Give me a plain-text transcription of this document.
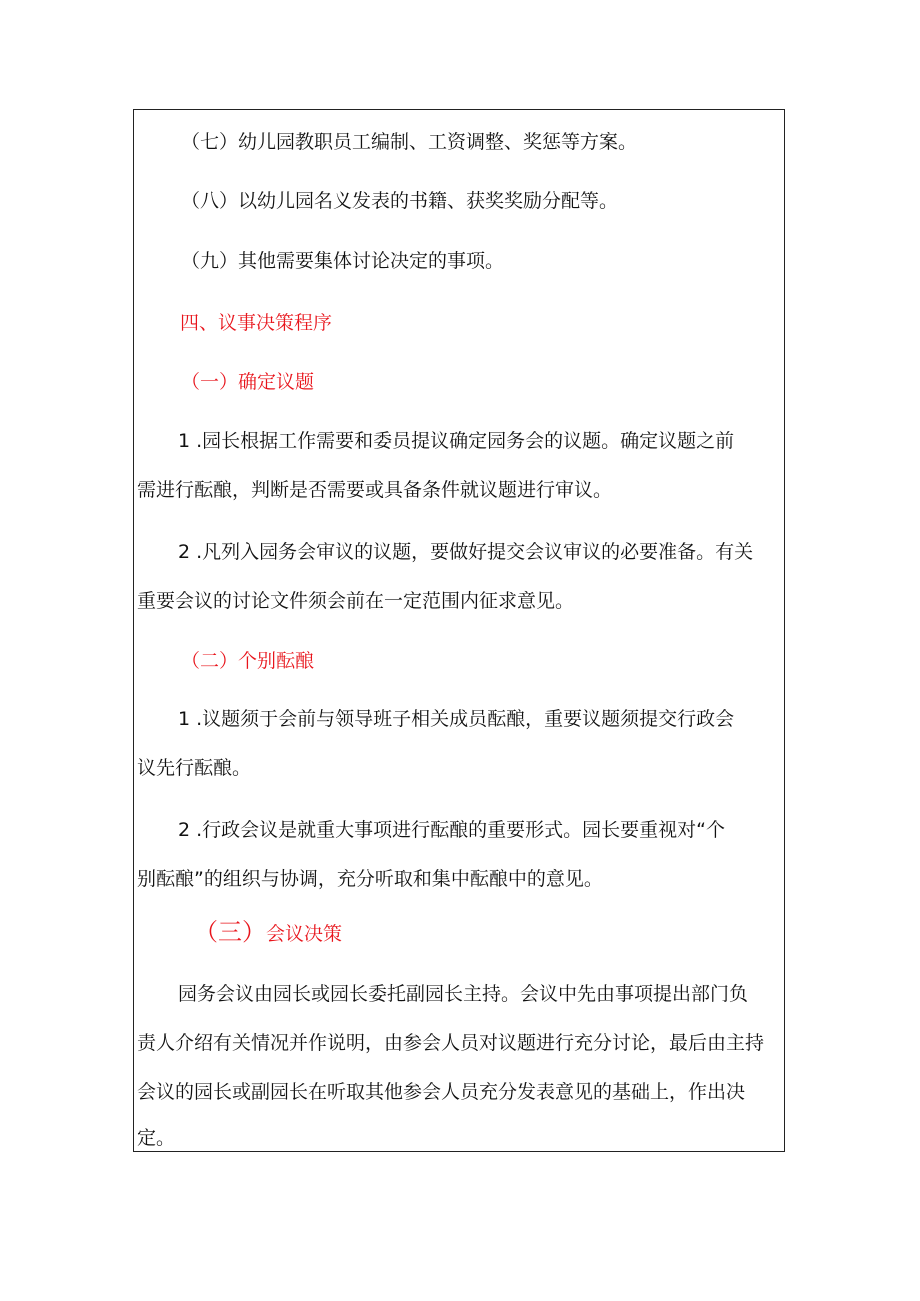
（七）幼儿园教职员工编制、工资调整、奖惩等方案。
（八）以幼儿园名义发表的书籍、获奖奖励分配等。
（九）其他需要集体讨论决定的事项。
四、议事决策程序
（一）确定议题
1 .园长根据工作需要和委员提议确定园务会的议题。确定议题之前
需进行酝酿，判断是否需要或具备条件就议题进行审议。
2 .凡列入园务会审议的议题，要做好提交会议审议的必要准备。有关
重要会议的讨论文件须会前在一定范围内征求意见。
（二）个别酝酿
1 .议题须于会前与领导班子相关成员酝酿，重要议题须提交行政会
议先行酝酿。
2 .行政会议是就重大事项进行酝酿的重要形式。园长要重视对“个
别酝酿”的组织与协调，充分听取和集中酝酿中的意见。
（三）会议决策
园务会议由园长或园长委托副园长主持。会议中先由事项提出部门负
责人介绍有关情况并作说明，由参会人员对议题进行充分讨论，最后由主持
会议的园长或副园长在听取其他参会人员充分发表意见的基础上，作出决
定。
